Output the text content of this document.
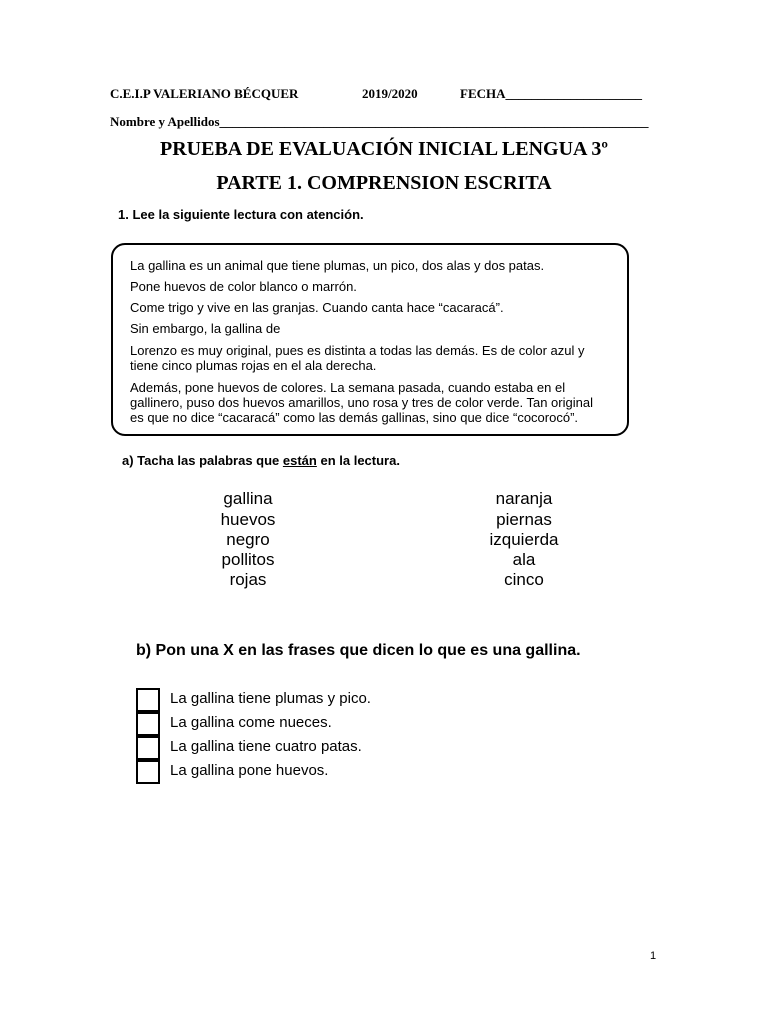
C.E.I.P VALERIANO BÉCQUER	2019/2020	FECHA_____________________
Nombre y Apellidos__________________________________________________________________
PRUEBA DE EVALUACIÓN INICIAL LENGUA 3º
PARTE 1. COMPRENSION ESCRITA
1. Lee la siguiente lectura con atención.
La gallina es un animal que tiene plumas, un pico, dos alas y dos patas.
Pone huevos de color blanco o marrón.
Come trigo y vive en las granjas. Cuando canta hace “cacaracá”.
Sin embargo, la gallina de
Lorenzo es muy original, pues es distinta a todas las demás. Es de color azul y
tiene cinco plumas rojas en el ala derecha.
Además, pone huevos de colores. La semana pasada, cuando estaba en el
gallinero, puso dos huevos amarillos, uno rosa y tres de color verde. Tan original
es que no dice “cacaracá” como las demás gallinas, sino que dice “cocorocó”.
a) Tacha las palabras que están en la lectura.
gallina
huevos
negro
pollitos
rojas
naranja
piernas
izquierda
ala
cinco
b) Pon una X en las frases que dicen lo que es una gallina.
La gallina tiene plumas y pico.
La gallina come nueces.
La gallina tiene cuatro patas.
La gallina pone huevos.
1
